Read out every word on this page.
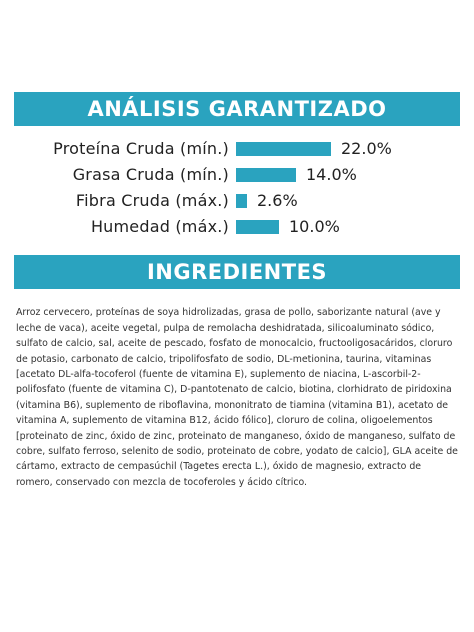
ANÁLISIS GARANTIZADO
Proteína Cruda (mín.)	22.0%
Grasa Cruda (mín.)	14.0%
Fibra Cruda (máx.) 2.6%
Humedad (máx.)	10.0%
INGREDIENTES

Arroz cervecero, proteínas de soya hidrolizadas, grasa de pollo, saborizante natural (ave y leche de vaca), aceite vegetal, pulpa de remolacha deshidratada, silicoaluminato sódico, sulfato de calcio, sal, aceite de pescado, fosfato de monocalcio, fructooligosacáridos, cloruro de potasio, carbonato de calcio, tripolifosfato de sodio, DL-metionina, taurina, vitaminas [acetato DL-alfa-tocoferol (fuente de vitamina E), suplemento de niacina, L-ascorbil-2-polifosfato (fuente de vitamina C), D-pantotenato de calcio, biotina, clorhidrato de piridoxina (vitamina B6), suplemento de riboflavina, mononitrato de tiamina (vitamina B1), acetato de vitamina A, suplemento de vitamina B12, ácido fólico], cloruro de colina, oligoelementos [proteinato de zinc, óxido de zinc, proteinato de manganeso, óxido de manganeso, sulfato de cobre, sulfato ferroso, selenito de sodio, proteinato de cobre, yodato de calcio], GLA aceite de cártamo, extracto de cempasúchil (Tagetes erecta L.), óxido de magnesio, extracto de romero, conservado con mezcla de tocoferoles y ácido cítrico.
